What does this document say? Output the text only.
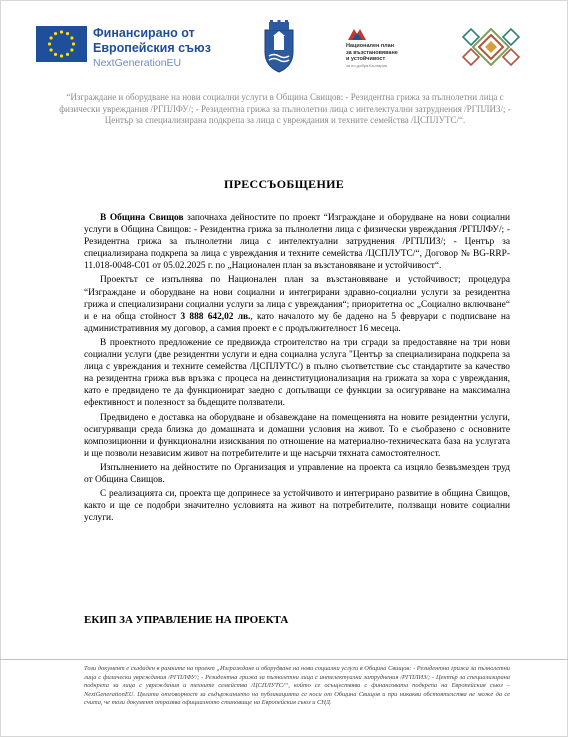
Финансирано от
Европейския съюз
NextGenerationEU
Национален план
за възстановяване
и устойчивост
за по-добра България

“Изграждане и оборудване на нови социални услуги в Община Свищов: - Резидентна грижа за пълнолетни лица с физически увреждания /РГПЛФУ/; - Резидентна грижа за пълнолетни лица с интелектуални затруднения /РГПЛИЗ/; - Център за специализирана подкрепа за лица с увреждания и техните семейства /ЦСПЛУТС/“.

ПРЕССЪОБЩЕНИЕ

В Община Свищов започнаха дейностите по проект “Изграждане и оборудване на нови социални услуги в Община Свищов: - Резидентна грижа за пълнолетни лица с физически увреждания /РГПЛФУ/; - Резидентна грижа за пълнолетни лица с интелектуални затруднения /РГПЛИЗ/; - Център за специализирана подкрепа за лица с увреждания и техните семейства /ЦСПЛУТС/“, Договор № BG-RRP-11.018-0048-C01 от 05.02.2025 г. по „Национален план за възстановяване и устойчивост“.

Проектът се изпълнява по Национален план за възстановяване и устойчивост; процедура “Изграждане и оборудване на нови социални и интегрирани здравно-социални услуги за резидентна грижа и специализирани социални услуги за лица с увреждания“; приоритетна ос „Социално включване“ и е на обща стойност 3 888 642,02 лв., като началото му бе дадено на 5 февруари с подписване на административния му договор, а самия проект е с продължителност 16 месеца.

В проектното предложение се предвижда строителство на три сгради за предоставяне на три нови социални услуги (две резидентни услуги и една социална услуга "Център за специализирана подкрепа за лица с увреждания и техните семейства /ЦСПЛУТС/) в пълно съответствие със стандартите за качество на резидентна грижа във връзка с процеса на деинституционализация на грижата за хора с увреждания, като е предвидено те да функционират заедно с допълващи се функции за осигуряване на максимална ефективност и полезност за бъдещите ползватели.

Предвидено е доставка на оборудване и обзавеждане на помещенията на новите резидентни услуги, осигуряващи среда близка до домашната и домашни условия на живот. То е съобразено с основните композиционни и функционални изисквания по отношение на материално-техническата база на услугата и ще позволи независим живот на потребителите и ще насърчи тяхната самостоятелност.

Изпълнението на дейностите по Организация и управление на проекта са изцяло безвъзмезден труд от Община Свищов.

С реализацията си, проекта ще допринесе за устойчивото и интегрирано развитие в община Свищов, както и ще се подобри значително условията на живот на потребителите, ползващи новите социални услуги.

ЕКИП ЗА УПРАВЛЕНИЕ НА ПРОЕКТА

Този документ е създаден в рамките на проект „Изграждане и оборудване на нови социални услуги в Община Свищов: - Резидентна грижа за пълнолетни лица с физически увреждания /РГПЛФУ/; - Резидентна грижа за пълнолетни лица с интелектуални затруднения /РГПЛИЗ/; - Център за специализирана подкрепа за лица с увреждания и техните семейства /ЦСПЛУТС/“, който се осъществява с финансовата подкрепа на Европейския съюз – NextGenerationEU. Цялата отговорност за съдържанието на публикацията се носи от Община Свищов и при никакви обстоятелства не може да се счита, че този документ отразява официалното становище на Европейския съюз и СНД.
